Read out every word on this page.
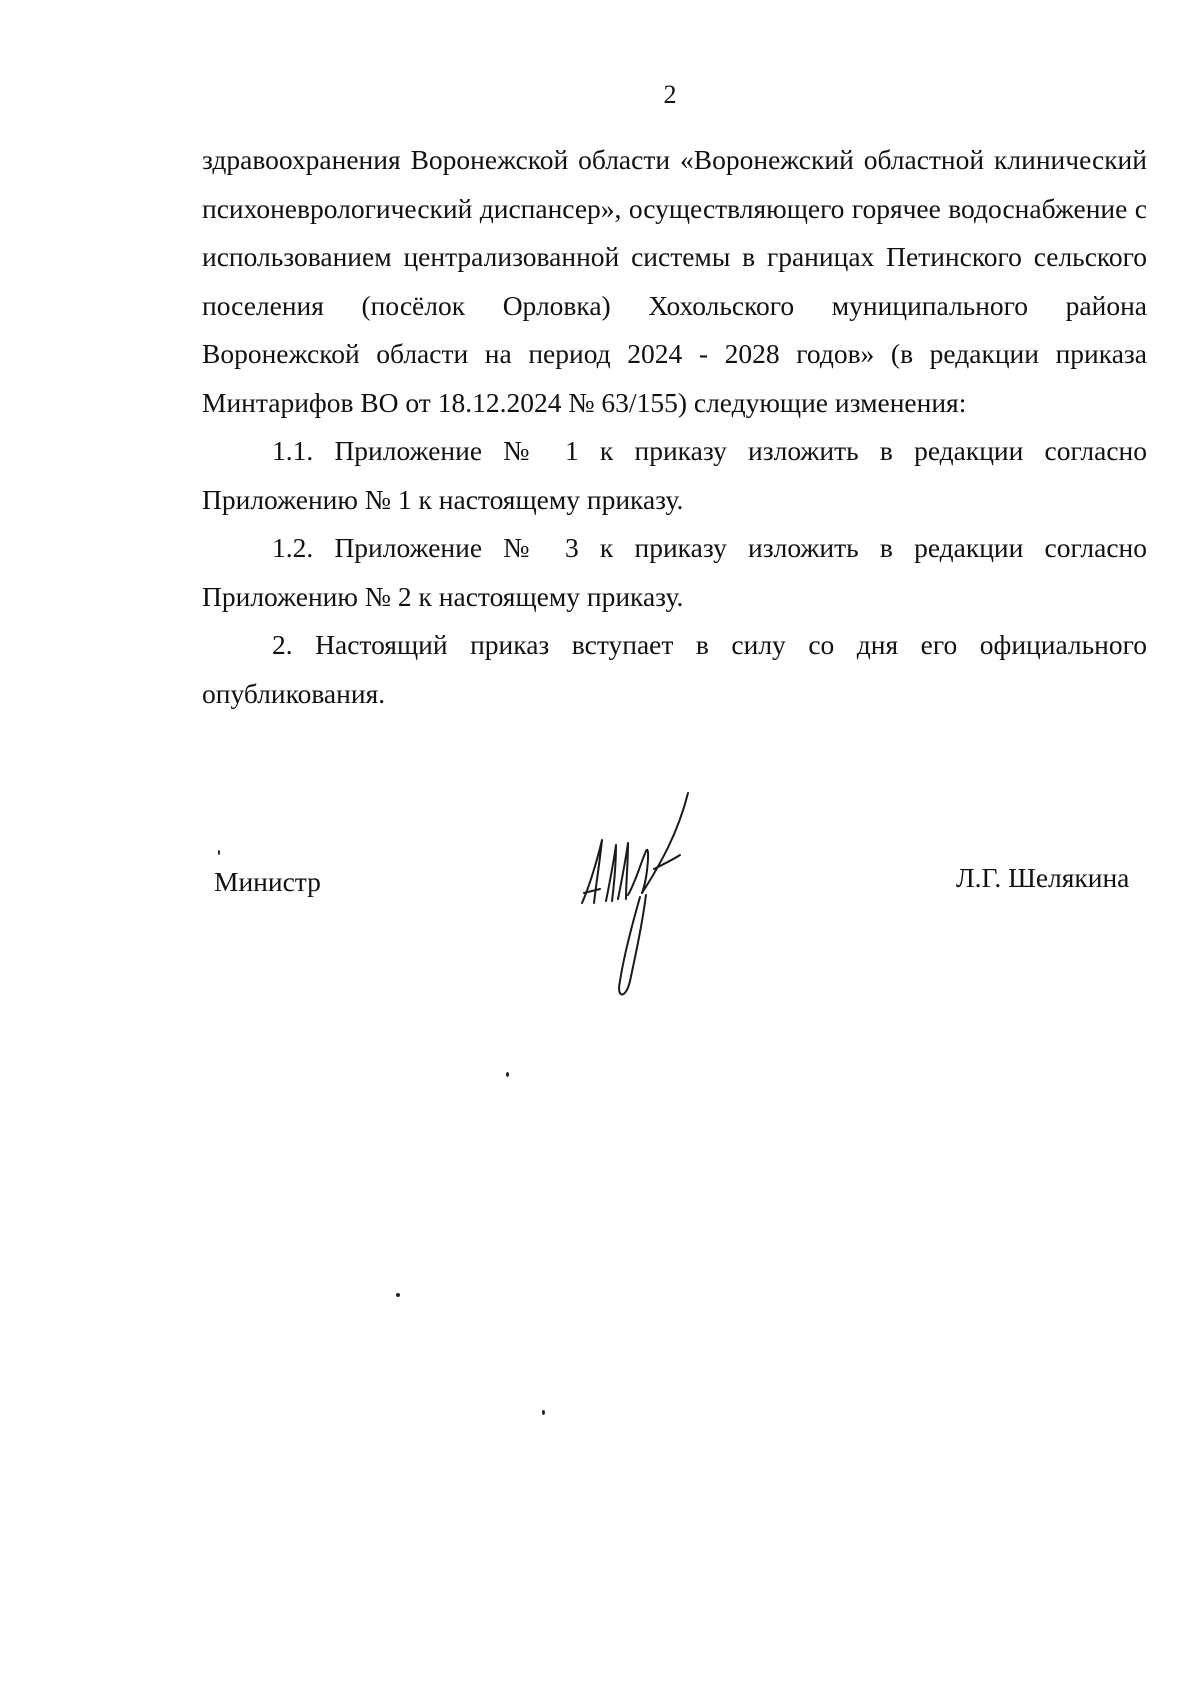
2

здравоохранения Воронежской области «Воронежский областной клинический психоневрологический диспансер», осуществляющего горячее водоснабжение с использованием централизованной системы в границах Петинского сельского поселения (посёлок Орловка) Хохольского муниципального района Воронежской области на период 2024 - 2028 годов» (в редакции приказа Минтарифов ВО от 18.12.2024 № 63/155) следующие изменения:

1.1. Приложение № 1 к приказу изложить в редакции согласно Приложению № 1 к настоящему приказу.

1.2. Приложение № 3 к приказу изложить в редакции согласно Приложению № 2 к настоящему приказу.

2. Настоящий приказ вступает в силу со дня его официального опубликования.

Министр	Л.Г. Шелякина
